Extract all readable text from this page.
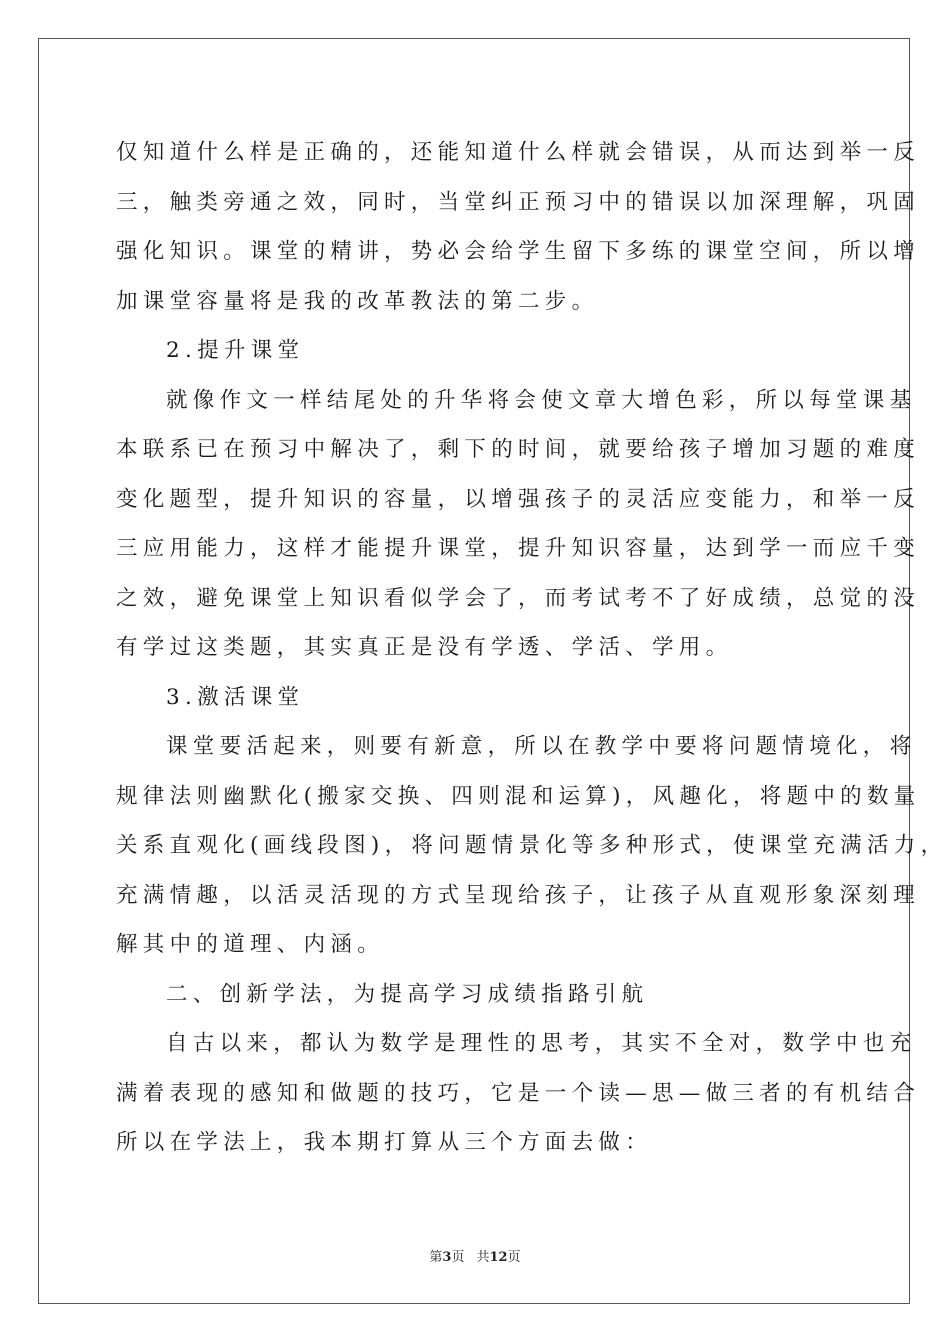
仅知道什么样是正确的，还能知道什么样就会错误，从而达到举一反
三，触类旁通之效，同时，当堂纠正预习中的错误以加深理解，巩固
强化知识。课堂的精讲，势必会给学生留下多练的课堂空间，所以增
加课堂容量将是我的改革教法的第二步。
2.提升课堂
就像作文一样结尾处的升华将会使文章大增色彩，所以每堂课基
本联系已在预习中解决了，剩下的时间，就要给孩子增加习题的难度
变化题型，提升知识的容量，以增强孩子的灵活应变能力，和举一反
三应用能力，这样才能提升课堂，提升知识容量，达到学一而应千变
之效，避免课堂上知识看似学会了，而考试考不了好成绩，总觉的没
有学过这类题，其实真正是没有学透、学活、学用。
3.激活课堂
课堂要活起来，则要有新意，所以在教学中要将问题情境化，将
规律法则幽默化(搬家交换、四则混和运算)，风趣化，将题中的数量
关系直观化(画线段图)，将问题情景化等多种形式，使课堂充满活力，
充满情趣，以活灵活现的方式呈现给孩子，让孩子从直观形象深刻理
解其中的道理、内涵。
二、创新学法，为提高学习成绩指路引航
自古以来，都认为数学是理性的思考，其实不全对，数学中也充
满着表现的感知和做题的技巧，它是一个读—思—做三者的有机结合
所以在学法上，我本期打算从三个方面去做：
第3页 共12页
